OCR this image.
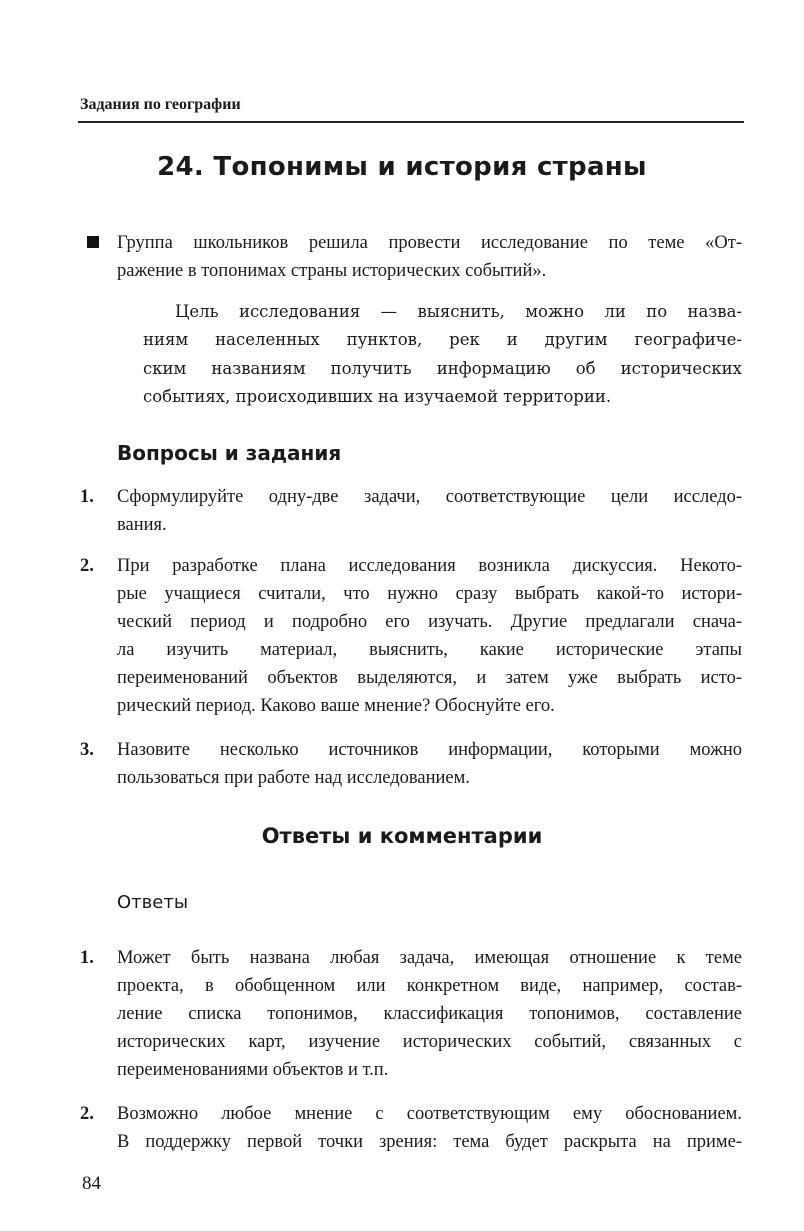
Задания по географии
24. Топонимы и история страны
Группа школьников решила провести исследование по теме «От-
ражение в топонимах страны исторических событий».
Цель исследования — выяснить, можно ли по назва-
ниям населенных пунктов, рек и другим географиче-
ским названиям получить информацию об исторических
событиях, происходивших на изучаемой территории.
Вопросы и задания
1. Сформулируйте одну-две задачи, соответствующие цели исследо-
вания.
2. При разработке плана исследования возникла дискуссия. Некото-
рые учащиеся считали, что нужно сразу выбрать какой-то истори-
ческий период и подробно его изучать. Другие предлагали снача-
ла изучить материал, выяснить, какие исторические этапы
переименований объектов выделяются, и затем уже выбрать исто-
рический период. Каково ваше мнение? Обоснуйте его.
3. Назовите несколько источников информации, которыми можно
пользоваться при работе над исследованием.
Ответы и комментарии
Ответы
1. Может быть названа любая задача, имеющая отношение к теме
проекта, в обобщенном или конкретном виде, например, состав-
ление списка топонимов, классификация топонимов, составление
исторических карт, изучение исторических событий, связанных с
переименованиями объектов и т.п.
2. Возможно любое мнение с соответствующим ему обоснованием.
В поддержку первой точки зрения: тема будет раскрыта на приме-
84
